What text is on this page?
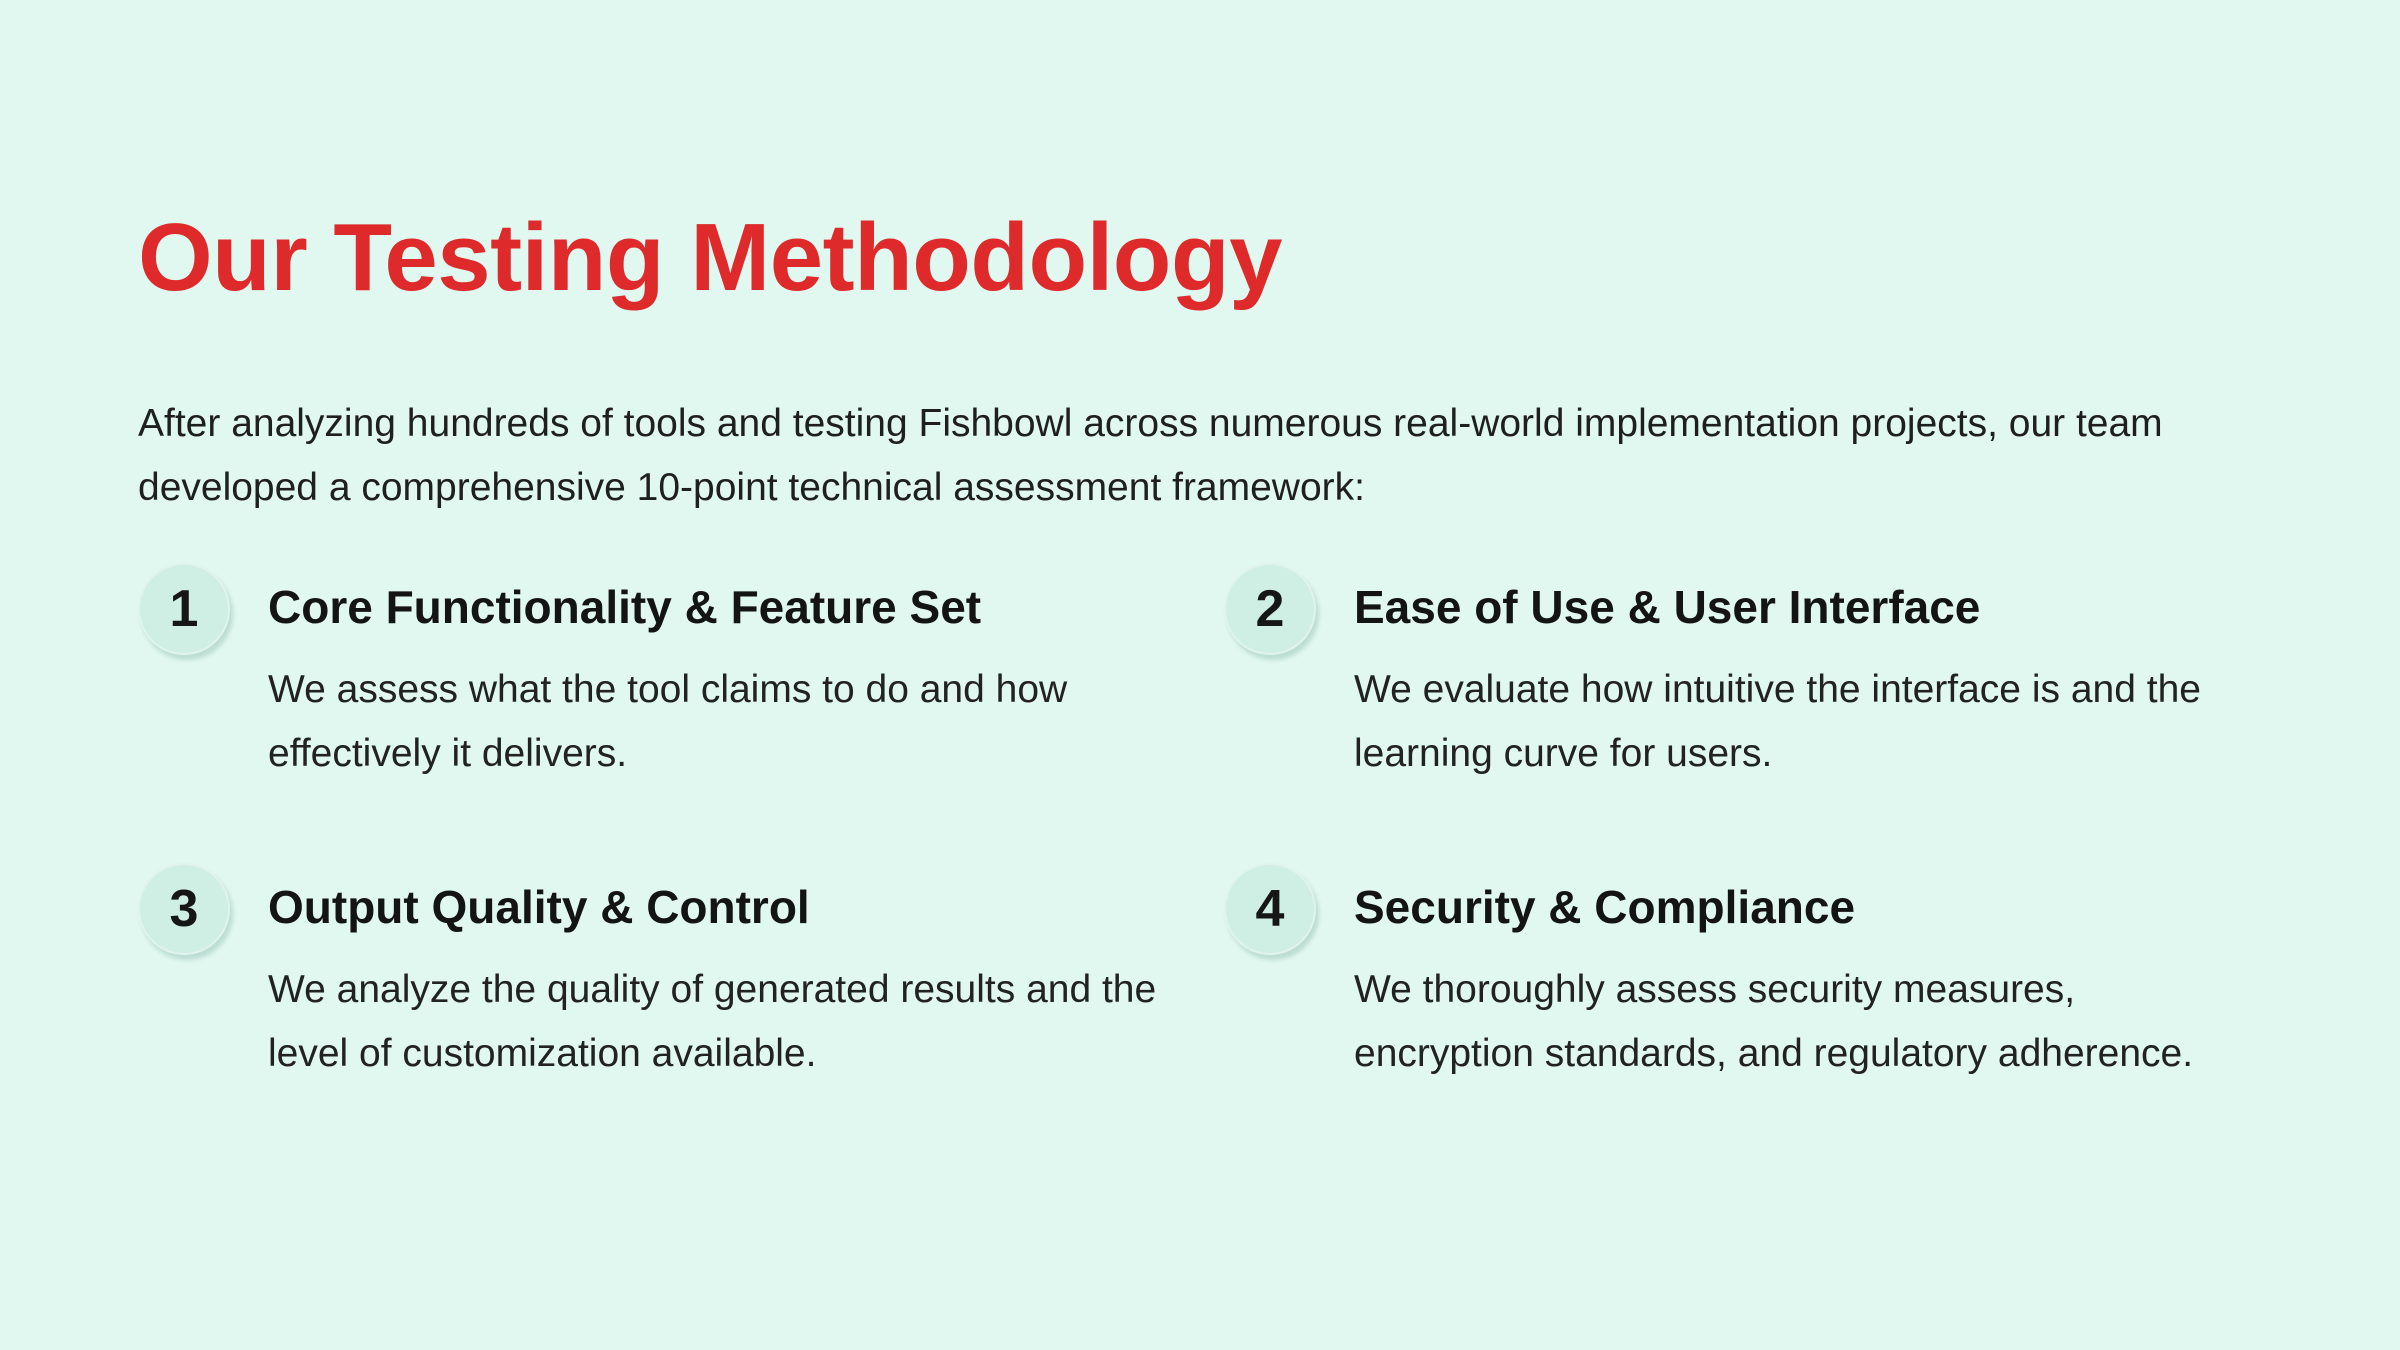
Our Testing Methodology

After analyzing hundreds of tools and testing Fishbowl across numerous real-world implementation projects, our team developed a comprehensive 10-point technical assessment framework:

1	Core Functionality & Feature Set

We assess what the tool claims to do and how effectively it delivers.

2	Ease of Use & User Interface

We evaluate how intuitive the interface is and the learning curve for users.

3	Output Quality & Control

We analyze the quality of generated results and the level of customization available.

4	Security & Compliance

We thoroughly assess security measures, encryption standards, and regulatory adherence.
